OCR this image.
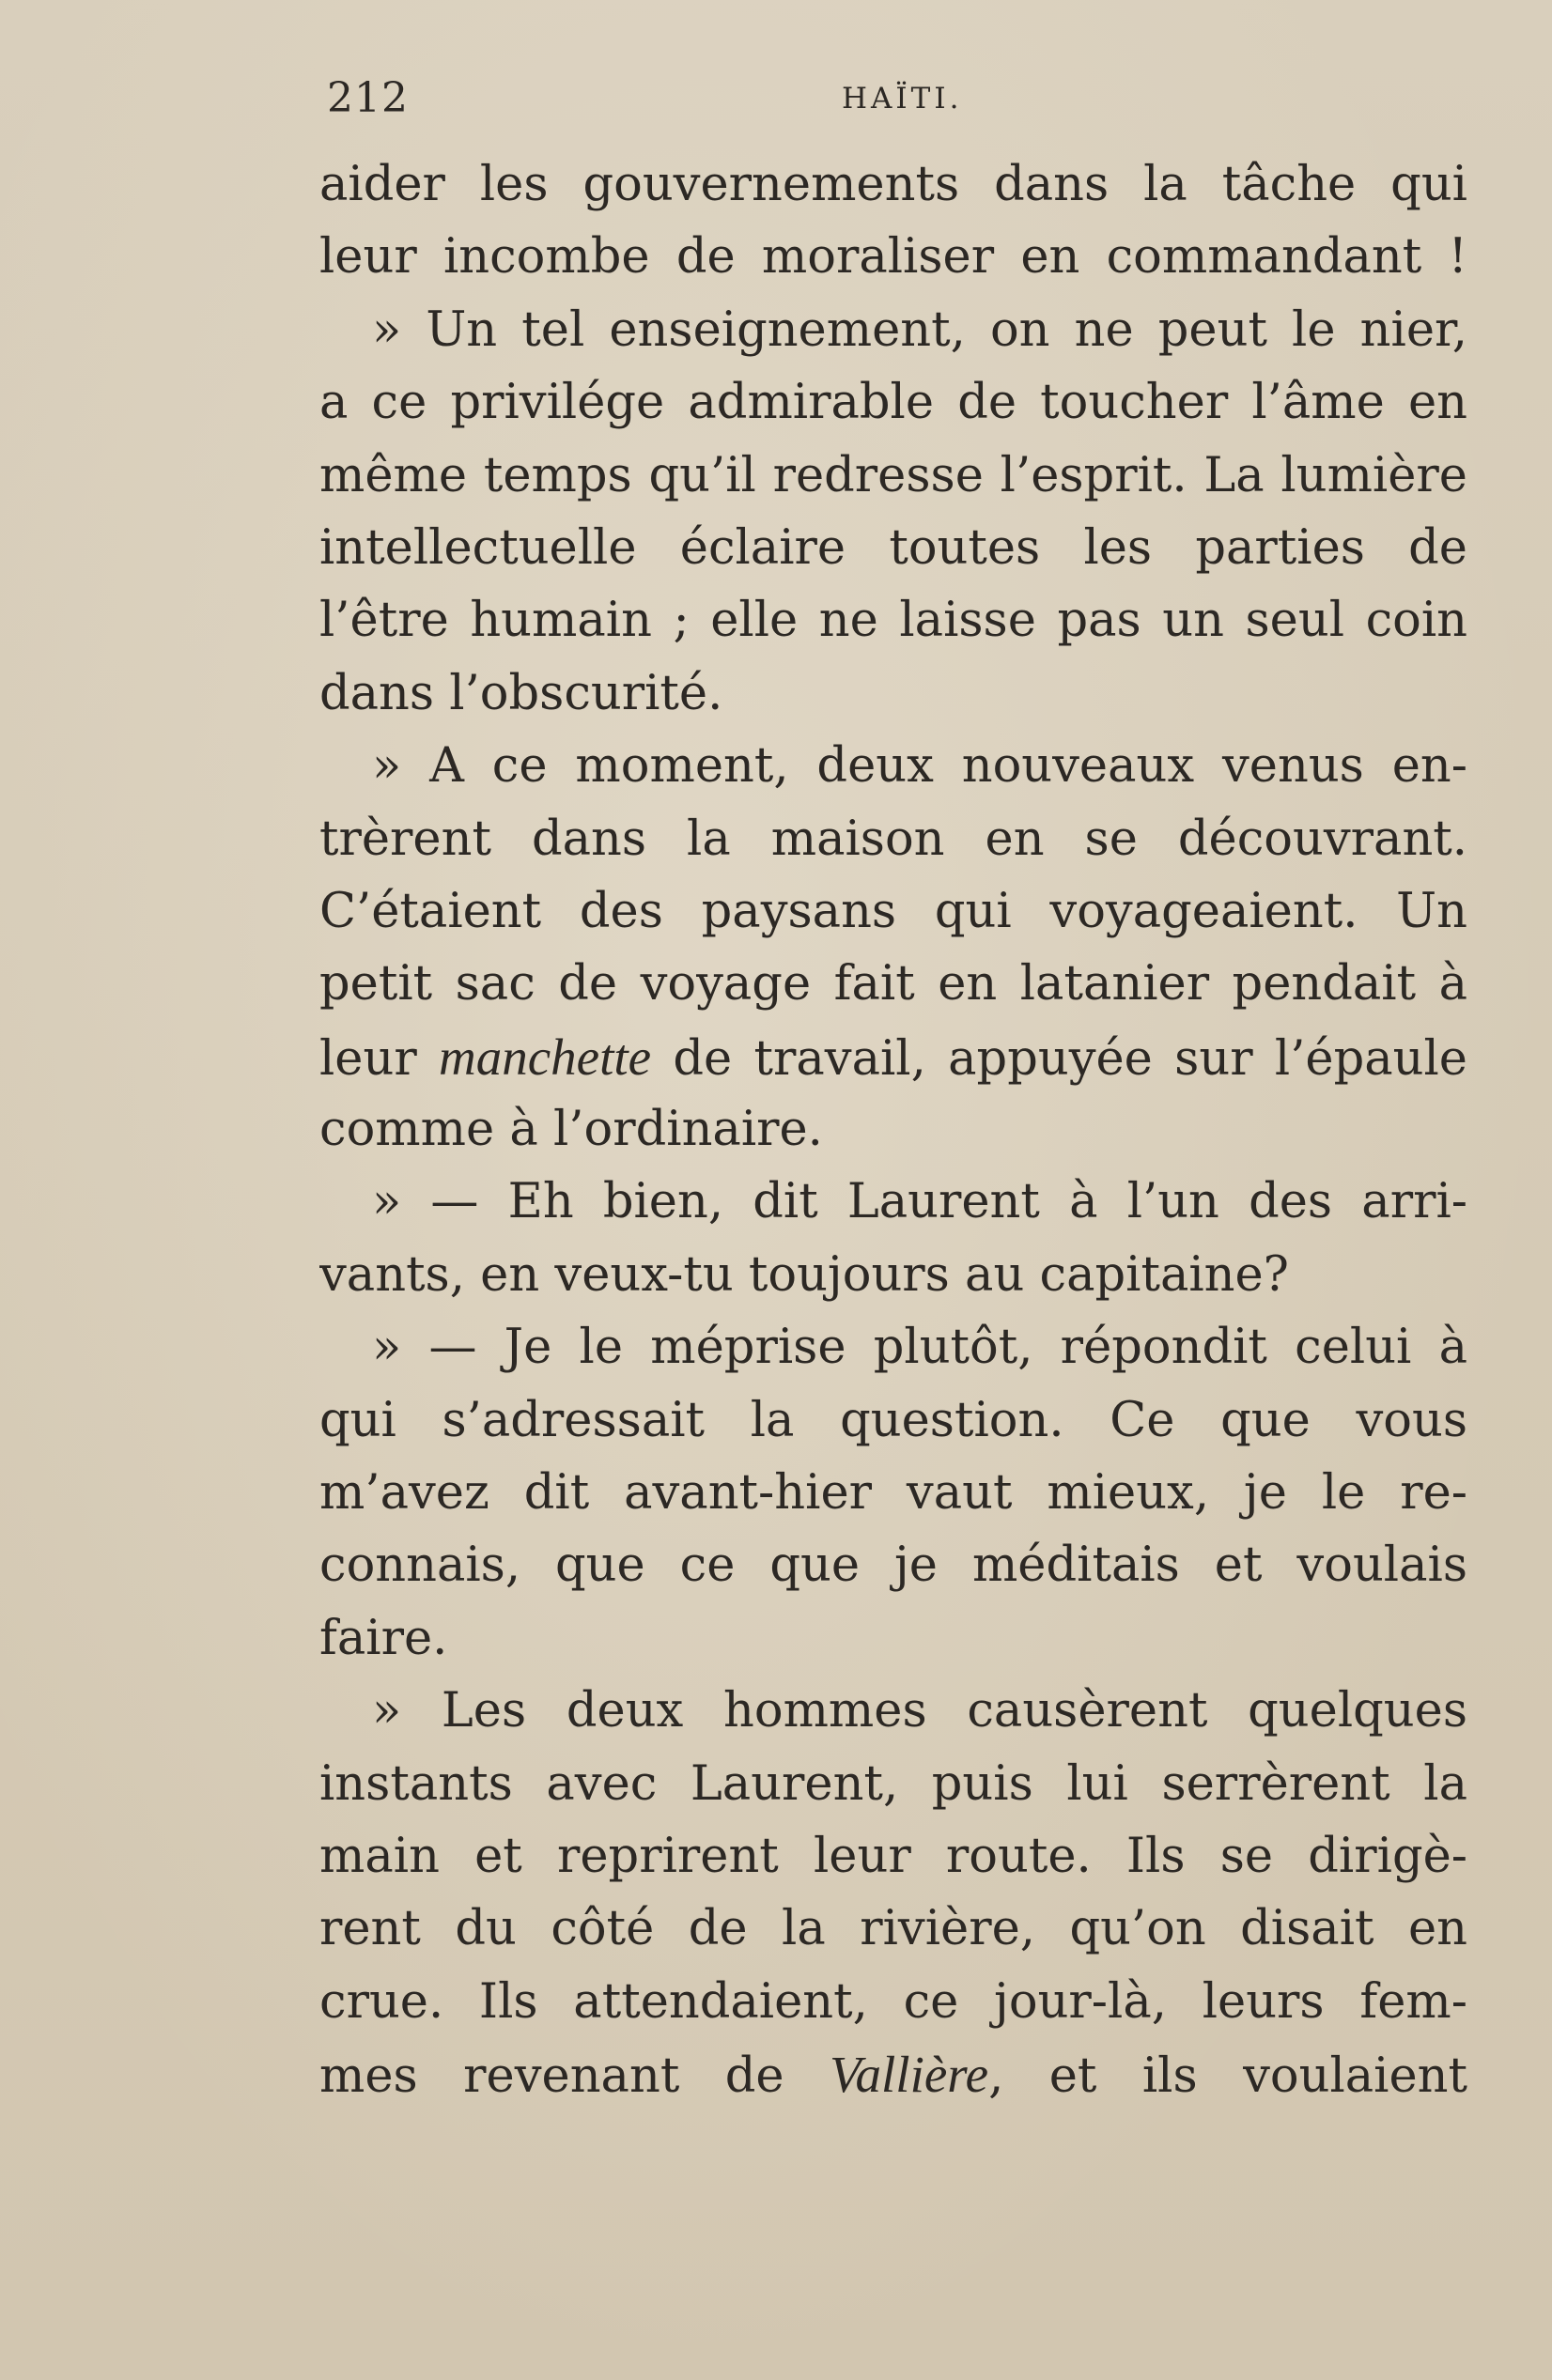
212	HAÏTI.
aider les gouvernements dans la tâche qui
leur incombe de moraliser en commandant !
» Un tel enseignement, on ne peut le nier,
a ce privilége admirable de toucher l’âme en
même temps qu’il redresse l’esprit. La lumière
intellectuelle éclaire toutes les parties de
l’être humain ; elle ne laisse pas un seul coin
dans l’obscurité.
» A ce moment, deux nouveaux venus en-
trèrent dans la maison en se découvrant.
C’étaient des paysans qui voyageaient. Un
petit sac de voyage fait en latanier pendait à
leur manchette de travail, appuyée sur l’épaule
comme à l’ordinaire.
» — Eh bien, dit Laurent à l’un des arri-
vants, en veux-tu toujours au capitaine?
» — Je le méprise plutôt, répondit celui à
qui s’adressait la question. Ce que vous
m’avez dit avant-hier vaut mieux, je le re-
connais, que ce que je méditais et voulais
faire.
» Les deux hommes causèrent quelques
instants avec Laurent, puis lui serrèrent la
main et reprirent leur route. Ils se dirigè-
rent du côté de la rivière, qu’on disait en
crue. Ils attendaient, ce jour-là, leurs fem-
mes revenant de Vallière, et ils voulaient
